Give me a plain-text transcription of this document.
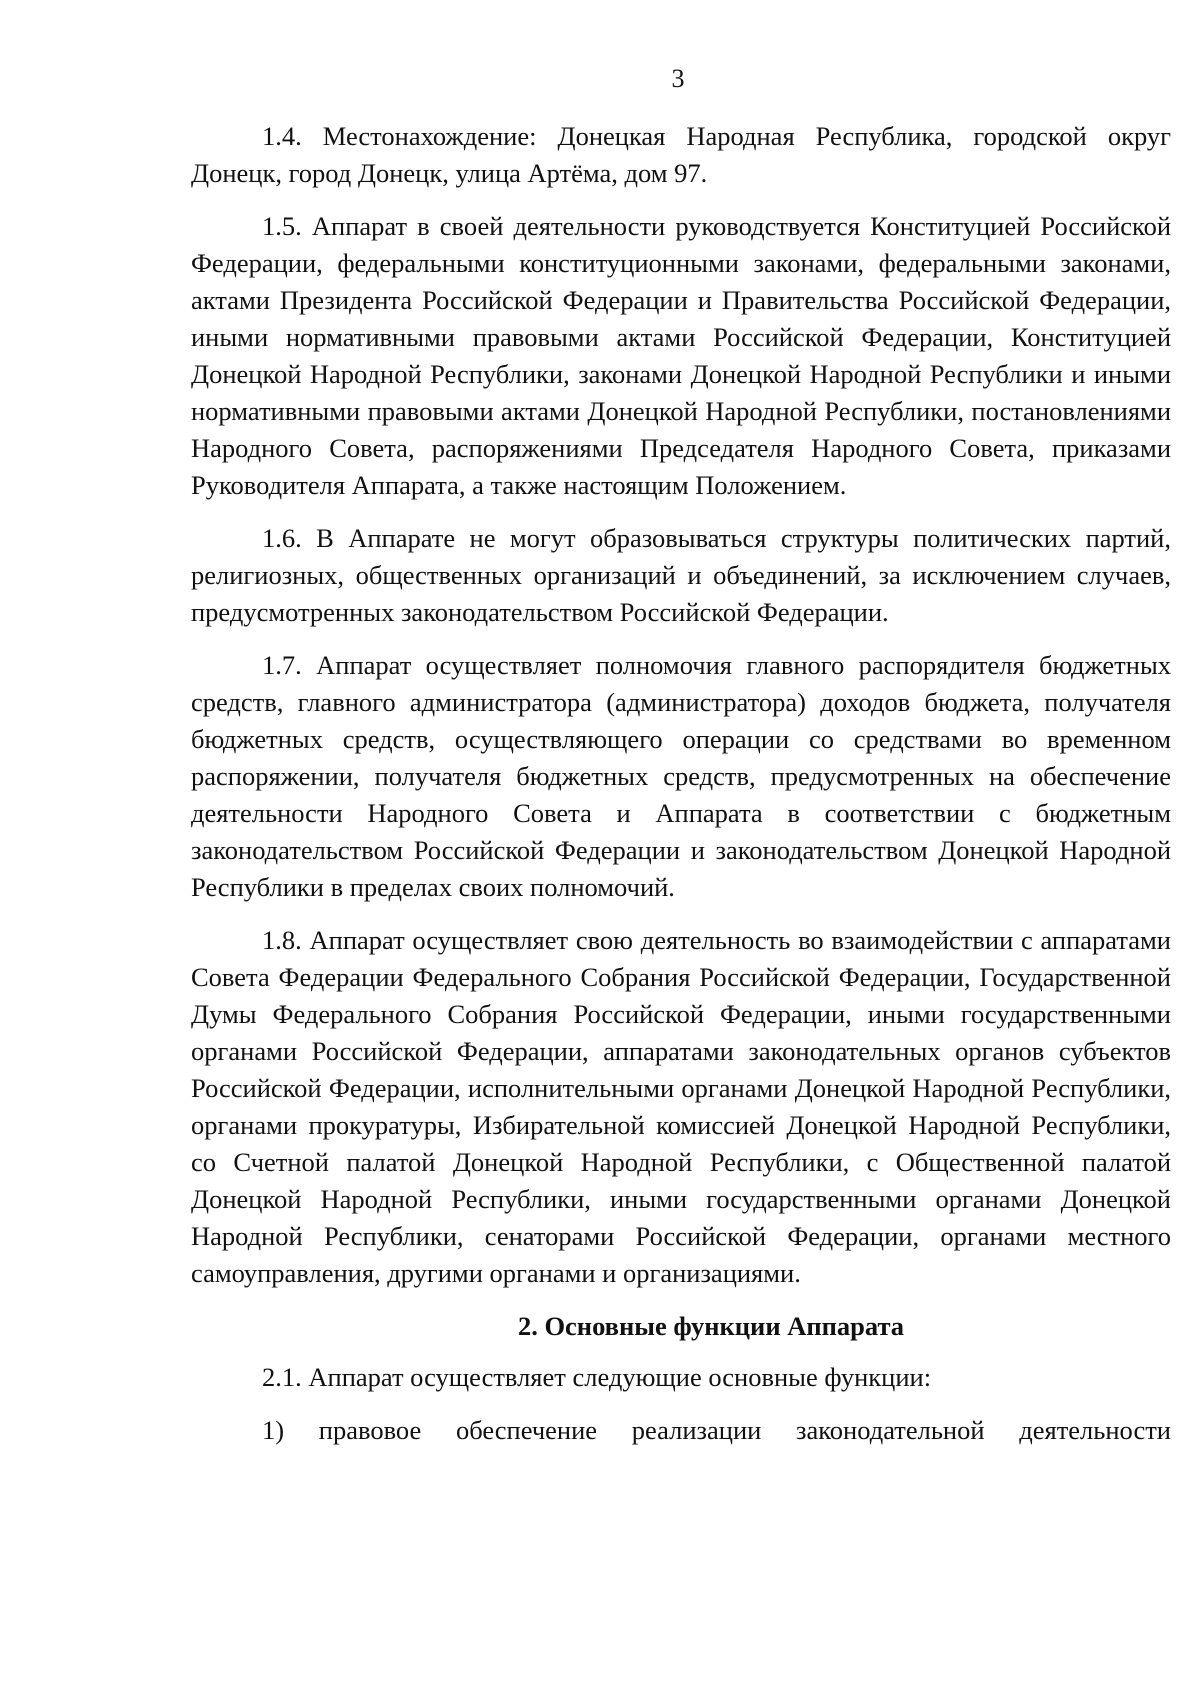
3

1.4. Местонахождение: Донецкая Народная Республика, городской округ Донецк, город Донецк, улица Артёма, дом 97.

1.5. Аппарат в своей деятельности руководствуется Конституцией Российской Федерации, федеральными конституционными законами, федеральными законами, актами Президента Российской Федерации и Правительства Российской Федерации, иными нормативными правовыми актами Российской Федерации, Конституцией Донецкой Народной Республики, законами Донецкой Народной Республики и иными нормативными правовыми актами Донецкой Народной Республики, постановлениями Народного Совета, распоряжениями Председателя Народного Совета, приказами Руководителя Аппарата, а также настоящим Положением.

1.6. В Аппарате не могут образовываться структуры политических партий, религиозных, общественных организаций и объединений, за исключением случаев, предусмотренных законодательством Российской Федерации.

1.7. Аппарат осуществляет полномочия главного распорядителя бюджетных средств, главного администратора (администратора) доходов бюджета, получателя бюджетных средств, осуществляющего операции со средствами во временном распоряжении, получателя бюджетных средств, предусмотренных на обеспечение деятельности Народного Совета и Аппарата в соответствии с бюджетным законодательством Российской Федерации и законодательством Донецкой Народной Республики в пределах своих полномочий.

1.8. Аппарат осуществляет свою деятельность во взаимодействии с аппаратами Совета Федерации Федерального Собрания Российской Федерации, Государственной Думы Федерального Собрания Российской Федерации, иными государственными органами Российской Федерации, аппаратами законодательных органов субъектов Российской Федерации, исполнительными органами Донецкой Народной Республики, органами прокуратуры, Избирательной комиссией Донецкой Народной Республики, со Счетной палатой Донецкой Народной Республики, с Общественной палатой Донецкой Народной Республики, иными государственными органами Донецкой Народной Республики, сенаторами Российской Федерации, органами местного самоуправления, другими органами и организациями.

2. Основные функции Аппарата

2.1. Аппарат осуществляет следующие основные функции:

1) правовое обеспечение реализации законодательной деятельности
